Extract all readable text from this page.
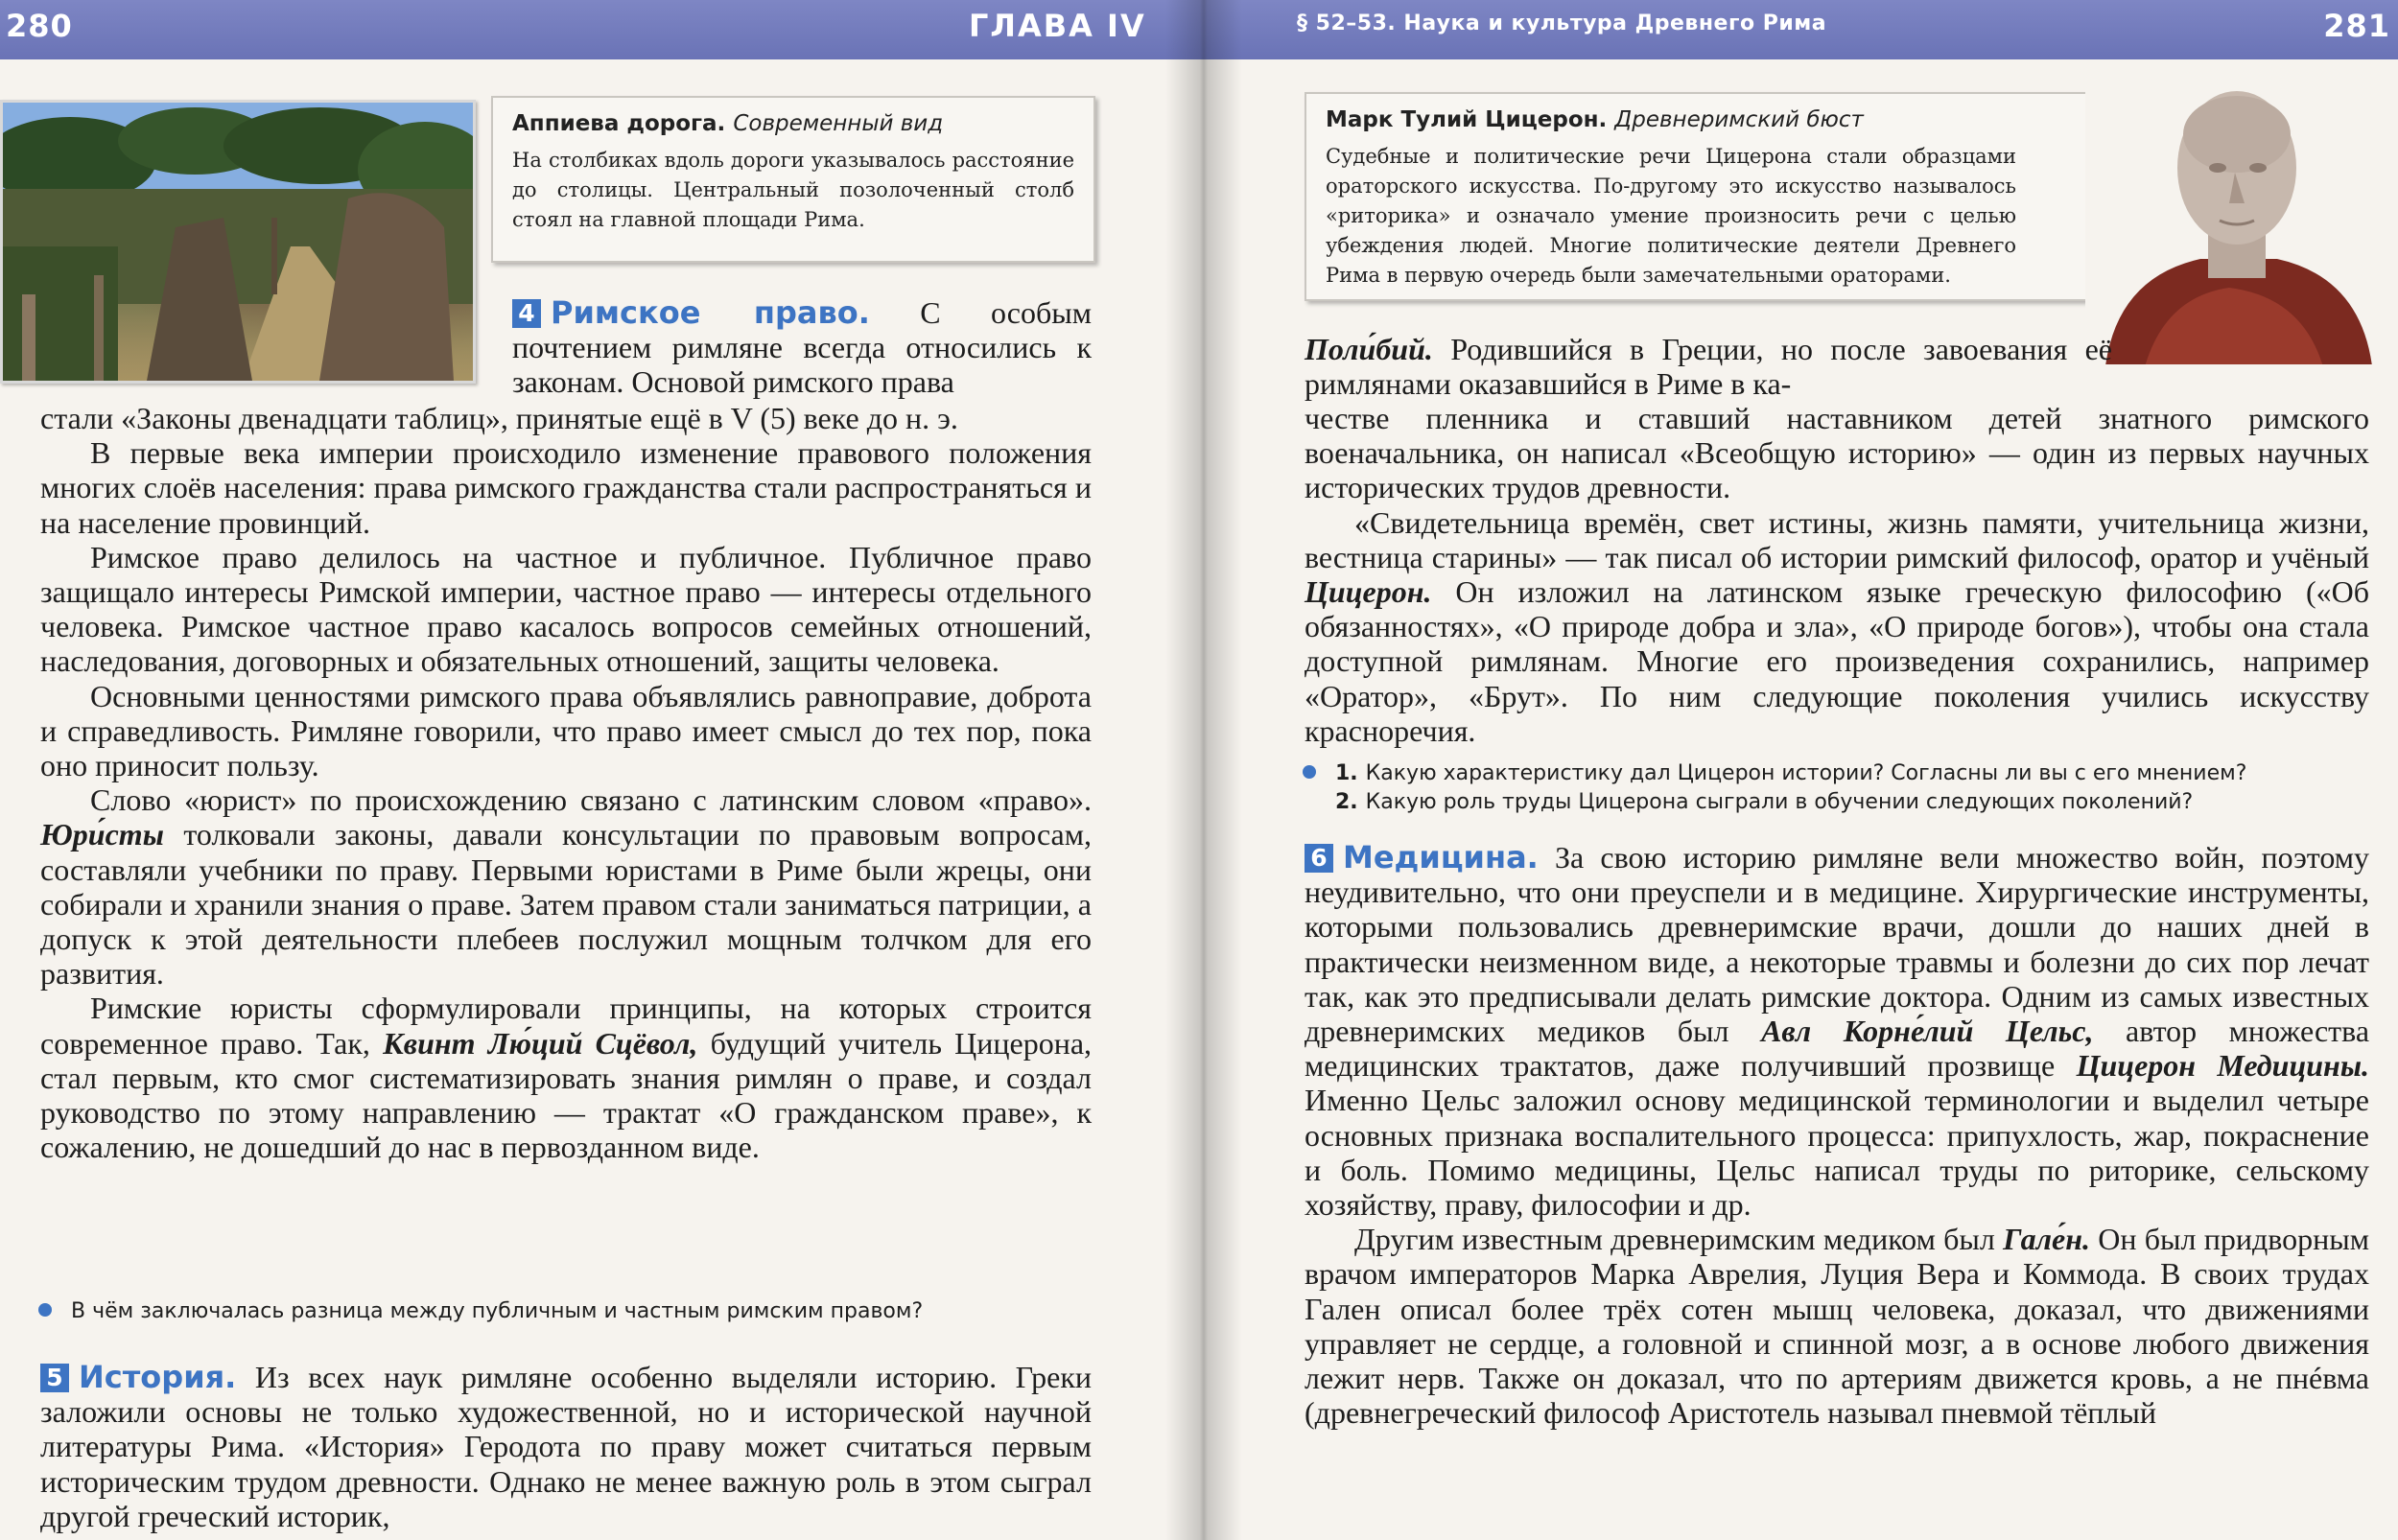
280	ГЛАВА IV
Аппиева дорога. Современный вид
На столбиках вдоль дороги указывалось расстояние до столицы. Центральный позолоченный столб стоял на главной площади Рима.
4 Римское право. С особым почтением римляне всегда относились к законам. Основой римского права

стали «Законы двенадцати таблиц», принятые ещё в V (5) веке до н. э.

В первые века империи происходило изменение правового положения многих слоёв населения: права римского гражданства стали распространяться и на население провинций.

Римское право делилось на частное и публичное. Публичное право защищало интересы Римской империи, частное право — интересы отдельного человека. Римское частное право касалось вопросов семейных отношений, наследования, договорных и обязательных отношений, защиты человека.

Основными ценностями римского права объявлялись равноправие, доброта и справедливость. Римляне говорили, что право имеет смысл до тех пор, пока оно приносит пользу.

Слово «юрист» по происхождению связано с латинским словом «право». Юри́сты толковали законы, давали консультации по правовым вопросам, составляли учебники по праву. Первыми юристами в Риме были жрецы, они собирали и хранили знания о праве. Затем правом стали заниматься патриции, а допуск к этой деятельности плебеев послужил мощным толчком для его развития.

Римские юристы сформулировали принципы, на которых строится современное право. Так, Квинт Лю́ций Сцёвол, будущий учитель Цицерона, стал первым, кто смог систематизировать знания римлян о праве, и создал руководство по этому направлению — трактат «О гражданском праве», к сожалению, не дошедший до нас в первозданном виде.

В чём заключалась разница между публичным и частным римским правом?

5 История. Из всех наук римляне особенно выделяли историю. Греки заложили основы не только художественной, но и исторической научной литературы Рима. «История» Геродота по праву может считаться первым историческим трудом древности. Однако не менее важную роль в этом сыграл другой греческий историк,

§ 52–53. Наука и культура Древнего Рима	281
Марк Тулий Цицерон. Древнеримский бюст
Судебные и политические речи Цицерона стали образцами ораторского искусства. По-другому это искусство называлось «риторика» и означало умение произносить речи с целью убеждения людей. Многие политические деятели Древнего Рима в первую очередь были замечательными ораторами.
Поли́бий. Родившийся в Греции, но после завоевания её римлянами оказавшийся в Риме в ка-

честве пленника и ставший наставником детей знатного римского военачальника, он написал «Всеобщую историю» — один из первых научных исторических трудов древности.

«Свидетельница времён, свет истины, жизнь памяти, учительница жизни, вестница старины» — так писал об истории римский философ, оратор и учёный Цицерон. Он изложил на латинском языке греческую философию («Об обязанностях», «О природе добра и зла», «О природе богов»), чтобы она стала доступной римлянам. Многие его произведения сохранились, например «Оратор», «Брут». По ним следующие поколения учились искусству красноречия.

1. Какую характеристику дал Цицерон истории? Согласны ли вы с его мнением?
2. Какую роль труды Цицерона сыграли в обучении следующих поколений?

6 Медицина. За свою историю римляне вели множество войн, поэтому неудивительно, что они преуспели и в медицине. Хирургические инструменты, которыми пользовались древнеримские врачи, дошли до наших дней в практически неизменном виде, а некоторые травмы и болезни до сих пор лечат так, как это предписывали делать римские доктора. Одним из самых известных древнеримских медиков был Авл Корне́лий Цельс, автор множества медицинских трактатов, даже получивший прозвище Цицерон Медицины. Именно Цельс заложил основу медицинской терминологии и выделил четыре основных признака воспалительного процесса: припухлость, жар, покраснение и боль. Помимо медицины, Цельс написал труды по риторике, сельскому хозяйству, праву, философии и др.

Другим известным древнеримским медиком был Гале́н. Он был придворным врачом императоров Марка Аврелия, Луция Вера и Коммода. В своих трудах Гален описал более трёх сотен мышц человека, доказал, что движениями управляет не сердце, а головной и спинной мозг, а в основе любого движения лежит нерв. Также он доказал, что по артериям движется кровь, а не пнéвма (древнегреческий философ Аристотель называл пневмой тёплый
